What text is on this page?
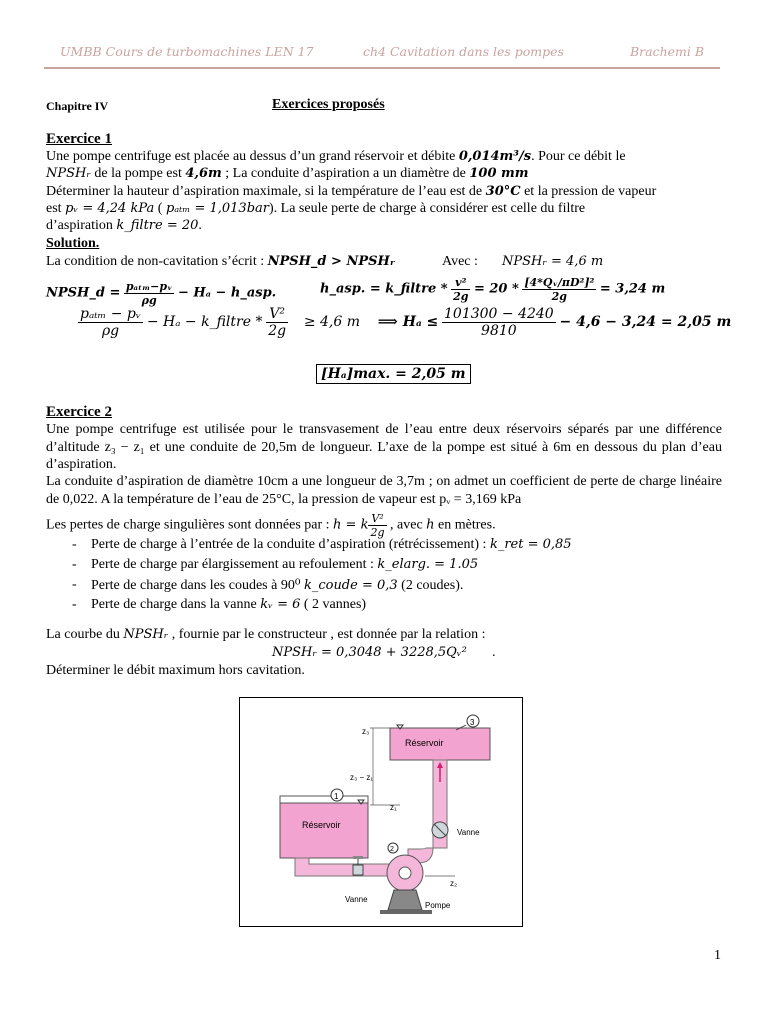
UMBB Cours de turbomachines LEN 17	ch4 Cavitation dans les pompes	Brachemi B
Chapitre IV	Exercices proposés
Exercice 1
Une pompe centrifuge est placée au dessus d’un grand réservoir et débite 0,014m³/s. Pour ce débit le
NPSHᵣ de la pompe est 4,6m ; La conduite d’aspiration a un diamètre de 100 mm
Déterminer la hauteur d’aspiration maximale, si la température de l’eau est de 30°C et la pression de vapeur
est pᵥ = 4,24 kPa ( pₐₜₘ = 1,013bar). La seule perte de charge à considérer est celle du filtre
d’aspiration k_filtre = 20.
Solution.
La condition de non-cavitation s’écrit : NPSH_d > NPSHᵣ	Avec : NPSHᵣ = 4,6 m
NPSH_d = $\frac{\text{pₐₜₘ−pᵥ}}{\rho g} - H_a$ − h_asp.	h_asp. = k_filtre * $\frac{\text{v²}}{2g} = 20 * \frac{\text{[4*Qᵥ/πD²]²}}{2g} = 3,24$ m
$\frac{\text{pₐₜₘ − pᵥ}}{\rho g} - H_a$ − k_filtre * $\frac{\text{V²}}{2g} \ge 4,6$ m ⟹ $H_a \le \frac{101300 - 4240}{9810} - 4,6 - 3,24 = 2,05$ m
[Hₐ]max. = 2,05 m
Exercice 2
Une pompe centrifuge est utilisée pour le transvasement de l’eau entre deux réservoirs séparés par une différence d’altitude z₃ − z₁ et une conduite de 20,5m de longueur. L’axe de la pompe est situé à 6m en dessous du plan d’eau d’aspiration.
La conduite d’aspiration de diamètre 10cm a une longueur de 3,7m ; on admet un coefficient de perte de charge linéaire de 0,022. A la température de l’eau de 25°C, la pression de vapeur est pᵥ = 3,169 kPa
Les pertes de charge singulières sont données par : h = k $\frac{\text{V²}}{2g}$ , avec h en mètres.
- Perte de charge à l’entrée de la conduite d’aspiration (rétrécissement) : k_ret = 0,85
- Perte de charge par élargissement au refoulement : k_elarg. = 1.05
- Perte de charge dans les coudes à 90⁰ k_coude = 0,3 (2 coudes).
- Perte de charge dans la vanne kᵥ = 6 ( 2 vannes)
La courbe du NPSHᵣ , fournie par le constructeur , est donnée par la relation :
NPSHᵣ = 0,3048 + 3228,5Qᵥ² .
Déterminer le débit maximum hors cavitation.
Réservoir
3
z₃
z₃ − z₁
z₁
Vanne
Réservoir
1
Vanne
2
Pompe
z₂
1
